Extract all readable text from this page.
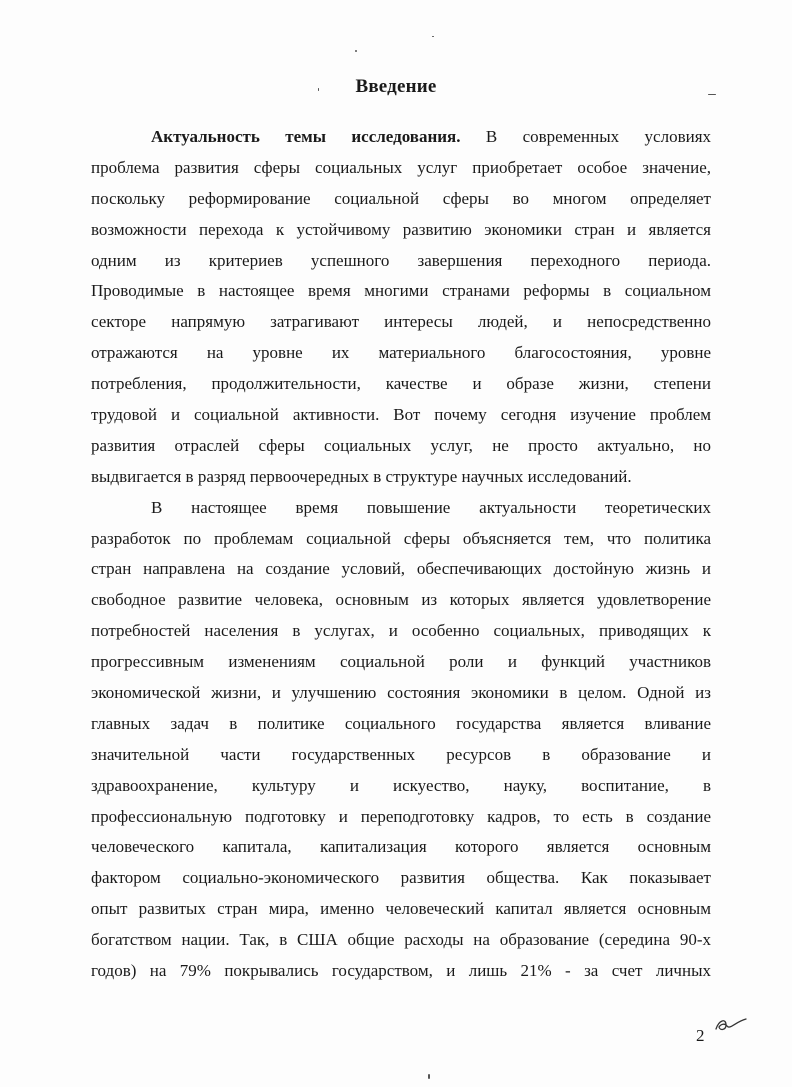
Введение
Актуальность темы исследования. В современных условиях
проблема развития сферы социальных услуг приобретает особое значение,
поскольку реформирование социальной сферы во многом определяет
возможности перехода к устойчивому развитию экономики стран и является
одним из критериев успешного завершения переходного периода.
Проводимые в настоящее время многими странами реформы в социальном
секторе напрямую затрагивают интересы людей, и непосредственно
отражаются на уровне их материального благосостояния, уровне
потребления, продолжительности, качестве и образе жизни, степени
трудовой и социальной активности. Вот почему сегодня изучение проблем
развития отраслей сферы социальных услуг, не просто актуально, но
выдвигается в разряд первоочередных в структуре научных исследований.
В настоящее время повышение актуальности теоретических
разработок по проблемам социальной сферы объясняется тем, что политика
стран направлена на создание условий, обеспечивающих достойную жизнь и
свободное развитие человека, основным из которых является удовлетворение
потребностей населения в услугах, и особенно социальных, приводящих к
прогрессивным изменениям социальной роли и функций участников
экономической жизни, и улучшению состояния экономики в целом. Одной из
главных задач в политике социального государства является вливание
значительной части государственных ресурсов в образование и
здравоохранение, культуру и искуество, науку, воспитание, в
профессиональную подготовку и переподготовку кадров, то есть в создание
человеческого капитала, капитализация которого является основным
фактором социально-экономического развития общества. Как показывает
опыт развитых стран мира, именно человеческий капитал является основным
богатством нации. Так, в США общие расходы на образование (середина 90-х
годов) на 79% покрывались государством, и лишь 21% - за счет личных
2
